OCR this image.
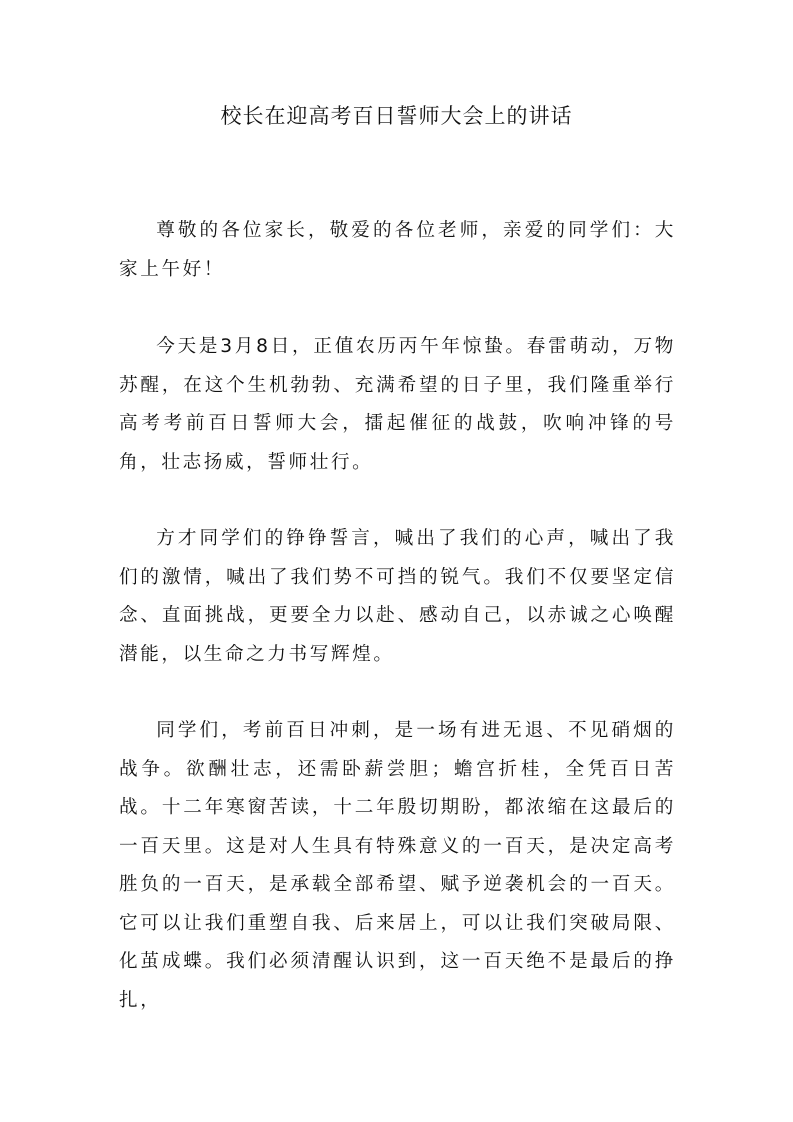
校长在迎高考百日誓师大会上的讲话

尊敬的各位家长，敬爱的各位老师，亲爱的同学们：大家上午好！

今天是3月8日，正值农历丙午年惊蛰。春雷萌动，万物苏醒，在这个生机勃勃、充满希望的日子里，我们隆重举行高考考前百日誓师大会，擂起催征的战鼓，吹响冲锋的号角，壮志扬威，誓师壮行。

方才同学们的铮铮誓言，喊出了我们的心声，喊出了我们的激情，喊出了我们势不可挡的锐气。我们不仅要坚定信念、直面挑战，更要全力以赴、感动自己，以赤诚之心唤醒潜能，以生命之力书写辉煌。

同学们，考前百日冲刺，是一场有进无退、不见硝烟的战争。欲酬壮志，还需卧薪尝胆；蟾宫折桂，全凭百日苦战。十二年寒窗苦读，十二年殷切期盼，都浓缩在这最后的一百天里。这是对人生具有特殊意义的一百天，是决定高考胜负的一百天，是承载全部希望、赋予逆袭机会的一百天。它可以让我们重塑自我、后来居上，可以让我们突破局限、化茧成蝶。我们必须清醒认识到，这一百天绝不是最后的挣扎，
